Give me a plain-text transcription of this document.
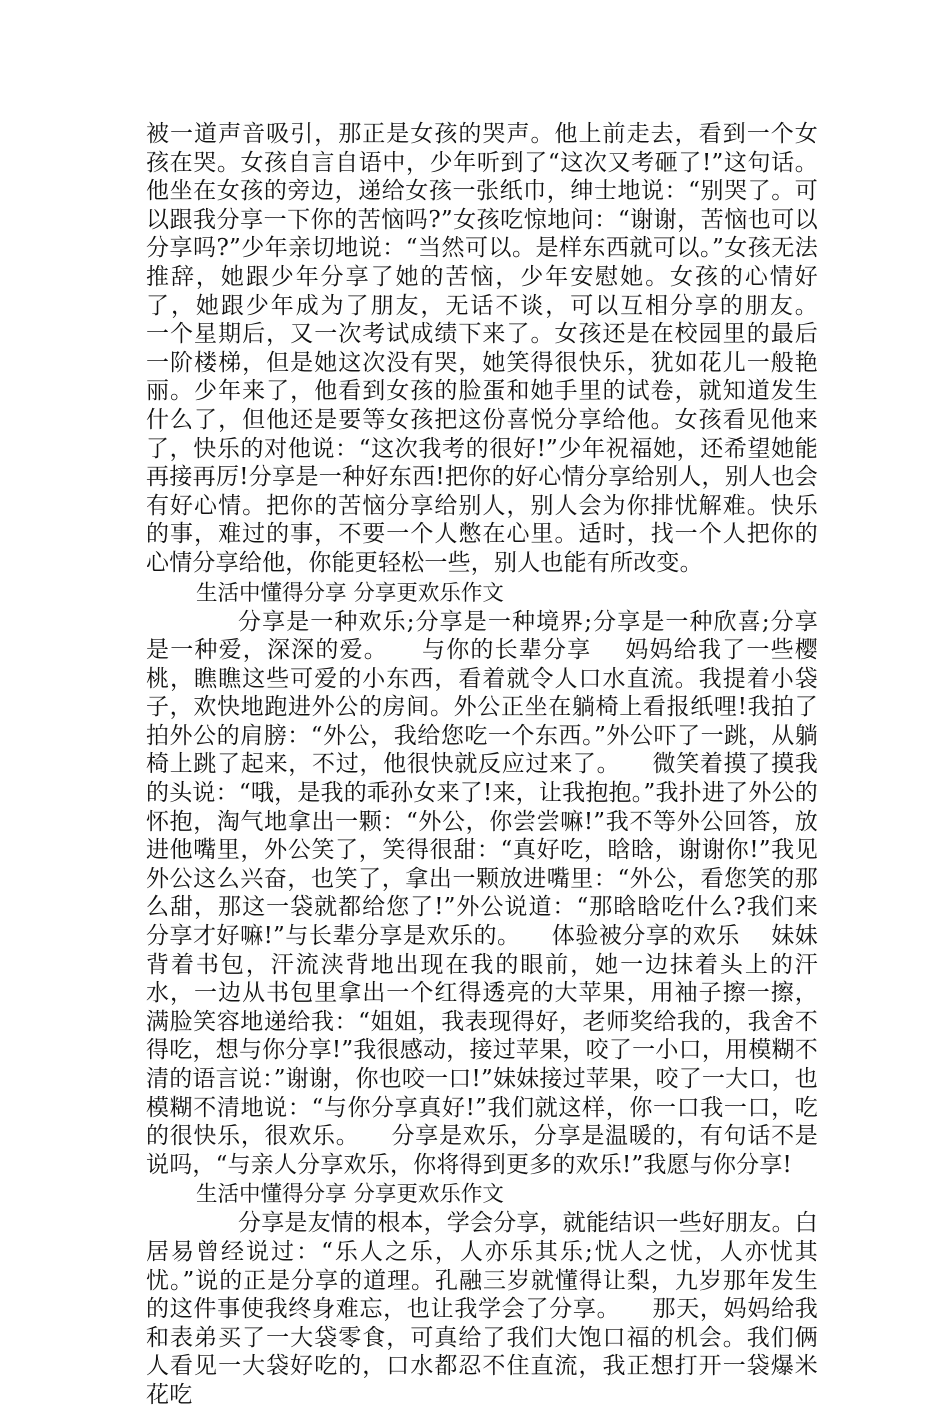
被一道声音吸引，那正是女孩的哭声。他上前走去，看到一个女孩在哭。女孩自言自语中，少年听到了“这次又考砸了!”这句话。他坐在女孩的旁边，递给女孩一张纸巾，绅士地说：“别哭了。可以跟我分享一下你的苦恼吗?”女孩吃惊地问：“谢谢，苦恼也可以分享吗?”少年亲切地说：“当然可以。是样东西就可以。”女孩无法推辞，她跟少年分享了她的苦恼，少年安慰她。女孩的心情好了，她跟少年成为了朋友，无话不谈，可以互相分享的朋友。        一个星期后，又一次考试成绩下来了。女孩还是在校园里的最后一阶楼梯，但是她这次没有哭，她笑得很快乐，犹如花儿一般艳丽。少年来了，他看到女孩的脸蛋和她手里的试卷，就知道发生什么了，但他还是要等女孩把这份喜悦分享给他。女孩看见他来了，快乐的对他说：“这次我考的很好!”少年祝福她，还希望她能再接再厉!分享是一种好东西!把你的好心情分享给别人，别人也会有好心情。把你的苦恼分享给别人，别人会为你排忧解难。快乐的事，难过的事，不要一个人憋在心里。适时，找一个人把你的心情分享给他，你能更轻松一些，别人也能有所改变。

生活中懂得分享 分享更欢乐作文

分享是一种欢乐;分享是一种境界;分享是一种欣喜;分享是一种爱，深深的爱。    与你的长辈分享    妈妈给我了一些樱桃，瞧瞧这些可爱的小东西，看着就令人口水直流。我提着小袋子，欢快地跑进外公的房间。外公正坐在躺椅上看报纸哩!我拍了拍外公的肩膀：“外公，我给您吃一个东西。”外公吓了一跳，从躺椅上跳了起来，不过，他很快就反应过来了。    微笑着摸了摸我的头说：“哦，是我的乖孙女来了!来，让我抱抱。”我扑进了外公的怀抱，淘气地拿出一颗：“外公，你尝尝嘛!”我不等外公回答，放进他嘴里，外公笑了，笑得很甜：“真好吃，晗晗，谢谢你!”我见外公这么兴奋，也笑了，拿出一颗放进嘴里：“外公，看您笑的那么甜，那这一袋就都给您了!”外公说道：“那晗晗吃什么?我们来分享才好嘛!”与长辈分享是欢乐的。    体验被分享的欢乐    妹妹背着书包，汗流浃背地出现在我的眼前，她一边抹着头上的汗水，一边从书包里拿出一个红得透亮的大苹果，用袖子擦一擦，满脸笑容地递给我：“姐姐，我表现得好，老师奖给我的，我舍不得吃，想与你分享!”我很感动，接过苹果，咬了一小口，用模糊不清的语言说：”谢谢，你也咬一口!”妹妹接过苹果，咬了一大口，也模糊不清地说：“与你分享真好!”我们就这样，你一口我一口，吃的很快乐，很欢乐。    分享是欢乐，分享是温暖的，有句话不是说吗，“与亲人分享欢乐，你将得到更多的欢乐!”我愿与你分享!

生活中懂得分享 分享更欢乐作文

分享是友情的根本，学会分享，就能结识一些好朋友。白居易曾经说过：“乐人之乐，人亦乐其乐;忧人之忧，人亦忧其忧。”说的正是分享的道理。孔融三岁就懂得让梨，九岁那年发生的这件事使我终身难忘，也让我学会了分享。    那天，妈妈给我和表弟买了一大袋零食，可真给了我们大饱口福的机会。我们俩人看见一大袋好吃的，口水都忍不住直流，我正想打开一袋爆米花吃
